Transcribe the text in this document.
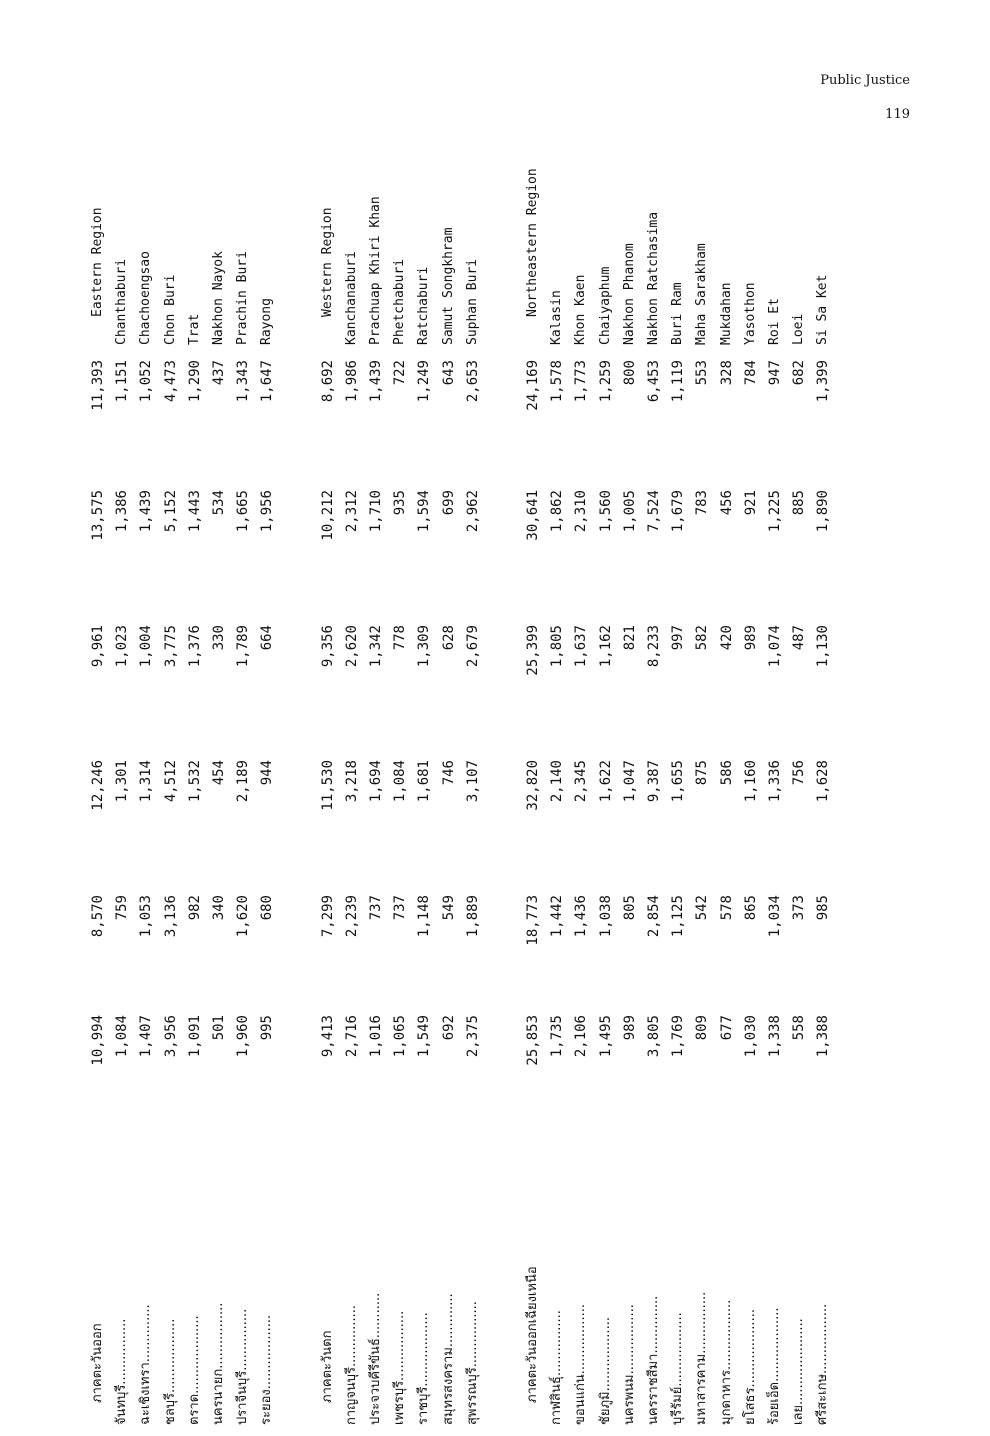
Public Justice
119
ภาคตะวันออก
10,994
8,570
12,246
9,961
13,575
11,393
Eastern Region
จันทบุรี................
1,084
759
1,301
1,023
1,386
1,151
Chanthaburi
ฉะเชิงเทรา..............
1,407
1,053
1,314
1,004
1,439
1,052
Chachoengsao
ชลบุรี..................
3,956
3,136
4,512
3,775
5,152
4,473
Chon Buri
ตราด...................
1,091
982
1,532
1,376
1,443
1,290
Trat
นครนายก................
501
340
454
330
534
437
Nakhon Nayok
ปราจีนบุรี...............
1,960
1,620
2,189
1,789
1,665
1,343
Prachin Buri
ระยอง..................
995
680
944
664
1,956
1,647
Rayong
ภาคตะวันตก
9,413
7,299
11,530
9,356
10,212
8,692
Western Region
กาญจนบุรี...............
2,716
2,239
3,218
2,620
2,312
1,986
Kanchanaburi
ประจวบคีรีขันธ์...........
1,016
737
1,694
1,342
1,710
1,439
Prachuap Khiri Khan
เพชรบุรี.................
1,065
737
1,084
778
935
722
Phetchaburi
ราชบุรี..................
1,549
1,148
1,681
1,309
1,594
1,249
Ratchaburi
สมุทรสงคราม.............
692
549
746
628
699
643
Samut Songkhram
สุพรรณบุรี................
2,375
1,889
3,107
2,679
2,962
2,653
Suphan Buri
ภาคตะวันออกเฉียงเหนือ
25,853
18,773
32,820
25,399
30,641
24,169
Northeastern Region
กาฬสินธุ์................
1,735
1,442
2,140
1,805
1,862
1,578
Kalasin
ขอนแก่น.................
2,106
1,436
2,345
1,637
2,310
1,773
Khon Kaen
ชัยภูมิ..................
1,495
1,038
1,622
1,162
1,560
1,259
Chaiyaphum
นครพนม.................
989
805
1,047
821
1,005
800
Nakhon Phanom
นครราชสีมา..............
3,805
2,854
9,387
8,233
7,524
6,453
Nakhon Ratchasima
บุรีรัมย์..................
1,769
1,125
1,655
997
1,679
1,119
Buri Ram
มหาสารคาม...............
809
542
875
582
783
553
Maha Sarakham
มุกดาหาร.................
677
578
586
420
456
328
Mukdahan
ยโสธร...................
1,030
865
1,160
989
921
784
Yasothon
ร้อยเอ็ด..................
1,338
1,034
1,336
1,074
1,225
947
Roi Et
เลย.....................
558
373
756
487
885
682
Loei
ศรีสะเกษ.................
1,388
985
1,628
1,130
1,890
1,399
Si Sa Ket
